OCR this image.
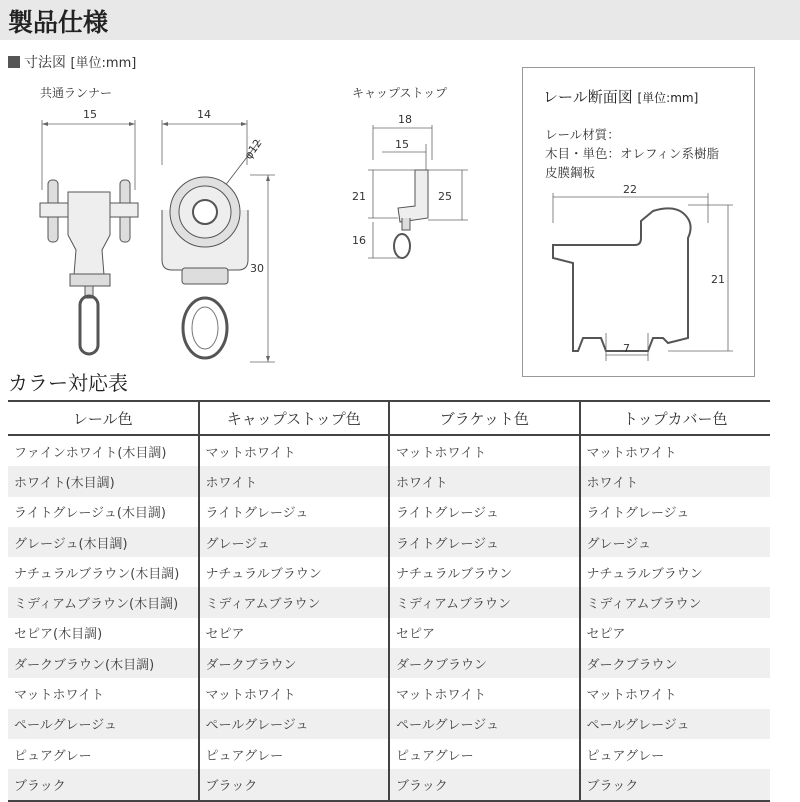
製品仕様
寸法図 [単位:mm]
共通ランナー	キャップストップ
15	14
φ12
30
18
15
21
16
25
レール断面図 [単位:mm]
レール材質：
木目・単色：オレフィン系樹脂
皮膜鋼板
22
21
7
カラー対応表
レール色	キャップストップ色	ブラケット色	トップカバー色
ファインホワイト(木目調)	マットホワイト	マットホワイト	マットホワイト
ホワイト(木目調)	ホワイト	ホワイト	ホワイト
ライトグレージュ(木目調)	ライトグレージュ	ライトグレージュ	ライトグレージュ
グレージュ(木目調)	グレージュ	ライトグレージュ	グレージュ
ナチュラルブラウン(木目調)	ナチュラルブラウン	ナチュラルブラウン	ナチュラルブラウン
ミディアムブラウン(木目調)	ミディアムブラウン	ミディアムブラウン	ミディアムブラウン
セピア(木目調)	セピア	セピア	セピア
ダークブラウン(木目調)	ダークブラウン	ダークブラウン	ダークブラウン
マットホワイト	マットホワイト	マットホワイト	マットホワイト
ペールグレージュ	ペールグレージュ	ペールグレージュ	ペールグレージュ
ピュアグレー	ピュアグレー	ピュアグレー	ピュアグレー
ブラック	ブラック	ブラック	ブラック
